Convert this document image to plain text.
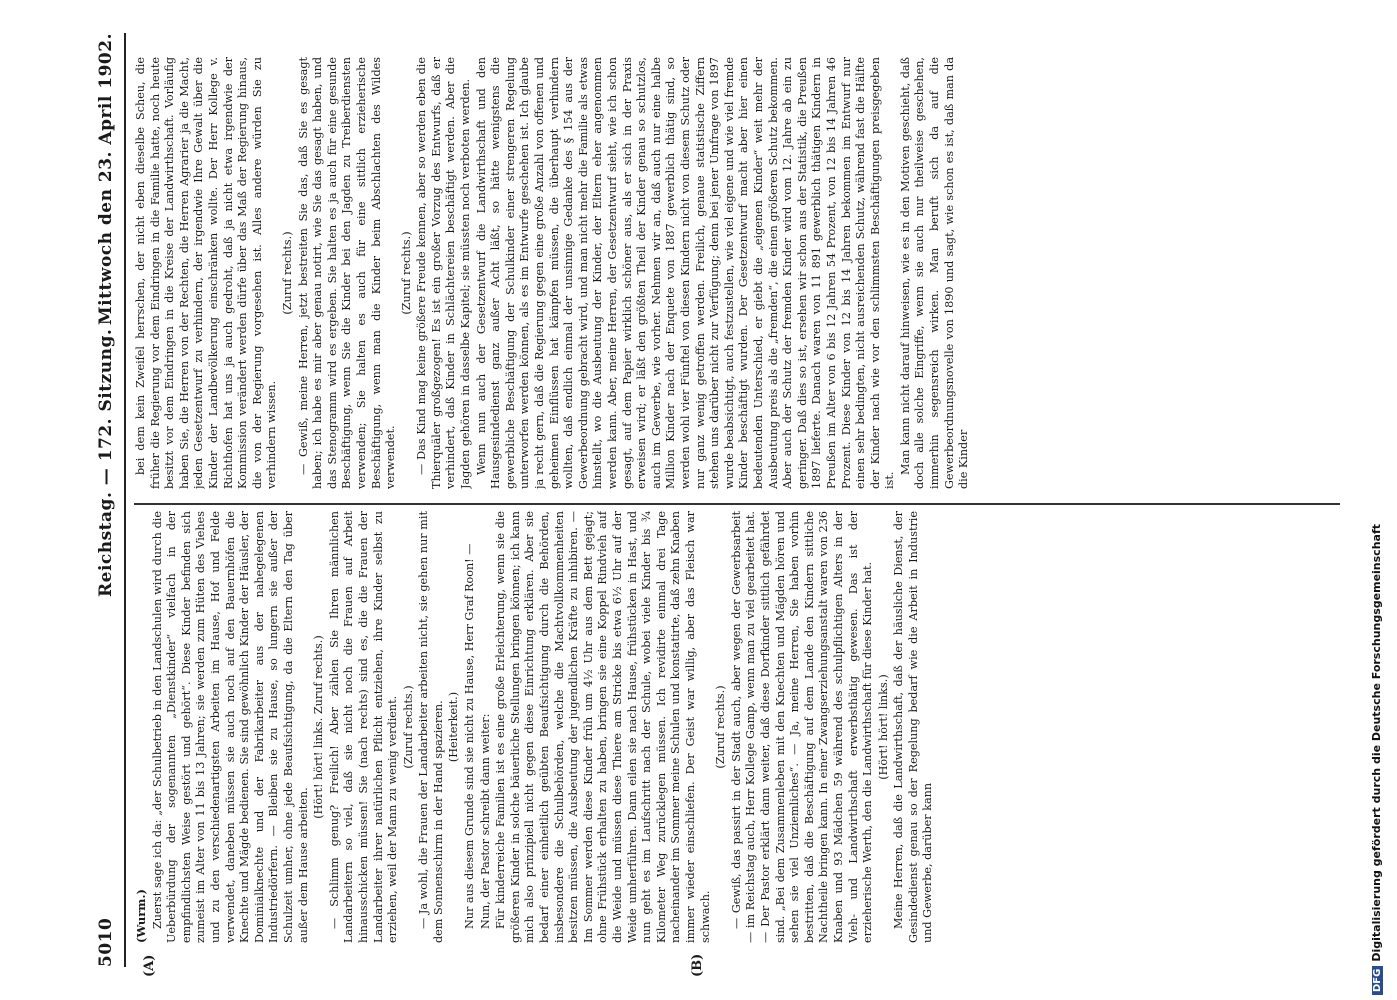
5010
Reichstag. — 172. Sitzung.
Mittwoch den 23. April 1902.
(A)	(B)
(Wurm.) Zuerst sage ich da: „der Schulbetrieb in den Landschulen wird durch die Ueberbürdung der sogenannten „Dienstkinder“ vielfach in der empfindlichsten Weise gestört und gehört“. Diese Kinder befinden sich zumeist im Alter von 11 bis 13 Jahren; sie werden zum Hüten des Viehes und zu den verschiedenartigsten Arbeiten im Hause, Hof und Felde verwendet, daneben müssen sie auch noch auf den Bauernhöfen die Knechte und Mägde bedienen. Sie sind gewöhnlich Kinder der Häusler, der Dominialknechte und der Fabrikarbeiter aus der nahegelegenen Industriedörfern. — Bleiben sie zu Hause, so lungern sie außer der Schulzeit umher, ohne jede Beaufsichtigung, da die Eltern den Tag über außer dem Hause arbeiten.

(Hört! hört! links. Zuruf rechts.) — Schlimm genug? Freilich! Aber zählen Sie Ihren männlichen Landarbeitern so viel, daß sie nicht noch die Frauen auf Arbeit hinausschicken müssen! Sie (nach rechts) sind es, die die Frauen der Landarbeiter ihrer natürlichen Pflicht entziehen, ihre Kinder selbst zu erziehen, weil der Mann zu wenig verdient. (Zuruf rechts.) — Ja wohl, die Frauen der Landarbeiter arbeiten nicht, sie gehen nur mit dem Sonnenschirm in der Hand spazieren. (Heiterkeit.) Nur aus diesem Grunde sind sie nicht zu Hause, Herr Graf Roon! — Nun, der Pastor schreibt dann weiter: Für kinderreiche Familien ist es eine große Erleichterung, wenn sie die größeren Kinder in solche bäuerliche Stellungen bringen können; ich kann mich also prinzipiell nicht gegen diese Einrichtung erklären. Aber sie bedarf einer einheitlich geübten Beaufsichtigung durch die Behörden, insbesondere die Schulbehörden, welche die Machtvollkommenheiten besitzen müssen, die Ausbeutung der jugendlichen Kräfte zu inhibiren. — Im Sommer werden diese Kinder früh um 4½ Uhr aus dem Bett gejagt; ohne Frühstück erhalten zu haben, bringen sie eine Koppel Rindvieh auf die Weide und müssen diese Thiere am Stricke bis etwa 6½ Uhr auf der Weide umherführen. Dann eilen sie nach Hause, frühstücken in Hast, und nun geht es im Laufschritt nach der Schule, wobei viele Kinder bis ¾ Kilometer Weg zurücklegen müssen. Ich revidirte einmal drei Tage nacheinander im Sommer meine Schulen und konstatirte, daß zehn Knaben immer wieder einschliefen. Der Geist war willig, aber das Fleisch war schwach.

(Zuruf rechts.) — Gewiß, das passirt in der Stadt auch, aber wegen der Gewerbsarbeit — im Reichstag auch, Herr Kollege Gamp, wenn man zu viel gearbeitet hat. — Der Pastor erklärt dann weiter, daß diese Dorfkinder sittlich gefährdet sind. „Bei dem Zusammenleben mit den Knechten und Mägden hören und sehen sie viel Unziemliches“. — Ja, meine Herren, Sie haben vorhin bestritten, daß die Beschäftigung auf dem Lande den Kindern sittliche Nachtheile bringen kann. In einer Zwangserziehungsanstalt waren von 236 Knaben und 93 Mädchen 59 während des schulpflichtigen Alters in der Vieh- und Landwirthschaft erwerbsthätig gewesen. Das ist der erzieherische Werth, den die Landwirthschaft für diese Kinder hat. (Hört! hört! links.) Meine Herren, daß die Landwirthschaft, daß der häusliche Dienst, der Gesindedienst genau so der Regelung bedarf wie die Arbeit in Industrie und Gewerbe, darüber kann

bei dem kein Zweifel herrschen, der nicht eben dieselbe Scheu, die früher die Regierung vor dem Eindringen in die Familie hatte, noch heute besitzt vor dem Eindringen in die Kreise der Landwirthschaft. Vorläufig haben Sie, die Herren von der Rechten, die Herren Agrarier ja die Macht, jeden Gesetzentwurf zu verhindern, der irgendwie Ihre Gewalt über die Kinder der Landbevölkerung einschränken wollte. Der Herr Kollege v. Richthofen hat uns ja auch gedroht, daß ja nicht etwa irgendwie der Kommission verändert werden dürfe über das Maß der Regierung hinaus, die von der Regierung vorgesehen ist. Alles andere würden Sie zu verhindern wissen.

(Zuruf rechts.) — Gewiß, meine Herren, jetzt bestreiten Sie das, daß Sie es gesagt haben; ich habe es mir aber genau notirt, wie Sie das gesagt haben, und das Stenogramm wird es ergeben. Sie halten es ja auch für eine gesunde Beschäftigung, wenn Sie die Kinder bei den Jagden zu Treiberdiensten verwenden; Sie halten es auch für eine sittlich erzieherische Beschäftigung, wenn man die Kinder beim Abschlachten des Wildes verwendet.

(Zuruf rechts.) — Das Kind mag keine größere Freude kennen, aber so werden eben die Thierquäler großgezogen! Es ist ein großer Vorzug des Entwurfs, daß er verhindert, daß Kinder in Schlächtereien beschäftigt werden. Aber die Jagden gehören in dasselbe Kapitel; sie müssten noch verboten werden. Wenn nun auch der Gesetzentwurf die Landwirthschaft und den Hausgesindedienst ganz außer Acht läßt, so hätte wenigstens die gewerbliche Beschäftigung der Schulkinder einer strengeren Regelung unterworfen werden können, als es im Entwurfe geschehen ist. Ich glaube ja recht gern, daß die Regierung gegen eine große Anzahl von offenen und geheimen Einflüssen hat kämpfen müssen, die überhaupt verhindern wollten, daß endlich einmal der unsinnige Gedanke des § 154 aus der Gewerbeordnung gebracht wird, und man nicht mehr die Familie als etwas hinstellt, wo die Ausbeutung der Kinder, der Eltern eher angenommen werden kann. Aber, meine Herren, der Gesetzentwurf sieht, wie ich schon gesagt, auf dem Papier wirklich schöner aus, als er sich in der Praxis erweisen wird; er läßt den größten Theil der Kinder genau so schutzlos, auch im Gewerbe, wie vorher. Nehmen wir an, daß auch nur eine halbe Million Kinder nach der Enquete von 1887 gewerblich thätig sind, so werden wohl vier Fünftel von diesen Kindern nicht von diesem Schutz oder nur ganz wenig getroffen werden. Freilich, genaue statistische Ziffern stehen uns darüber nicht zur Verfügung; denn bei jener Umfrage von 1897 wurde beabsichtigt, auch festzustellen, wie viel eigene und wie viel fremde Kinder beschäftigt wurden. Der Gesetzentwurf macht aber hier einen bedeutenden Unterschied, er giebt die „eigenen Kinder“ weit mehr der Ausbeutung preis als die „fremden“, die einen größeren Schutz bekommen. Aber auch der Schutz der fremden Kinder wird vom 12. Jahre ab ein zu geringer. Daß dies so ist, ersehen wir schon aus der Statistik, die Preußen 1897 lieferte. Danach waren von 11 891 gewerblich thätigen Kindern in Preußen im Alter von 6 bis 12 Jahren 54 Prozent, von 12 bis 14 Jahren 46 Prozent. Diese Kinder von 12 bis 14 Jahren bekommen im Entwurf nur einen sehr bedingten, nicht ausreichenden Schutz, während fast die Hälfte der Kinder nach wie vor den schlimmsten Beschäftigungen preisgegeben ist.

Man kann nicht darauf hinweisen, wie es in den Motiven geschieht, daß doch alle solche Eingriffe, wenn sie auch nur theilweise geschehen, immerhin segensreich wirken. Man beruft sich da auf die Gewerbeordnungsnovelle von 1890 und sagt, wie schon es ist, daß man da die Kinder

DFGDigitalisierung gefördert durch die Deutsche Forschungsgemeinschaft
